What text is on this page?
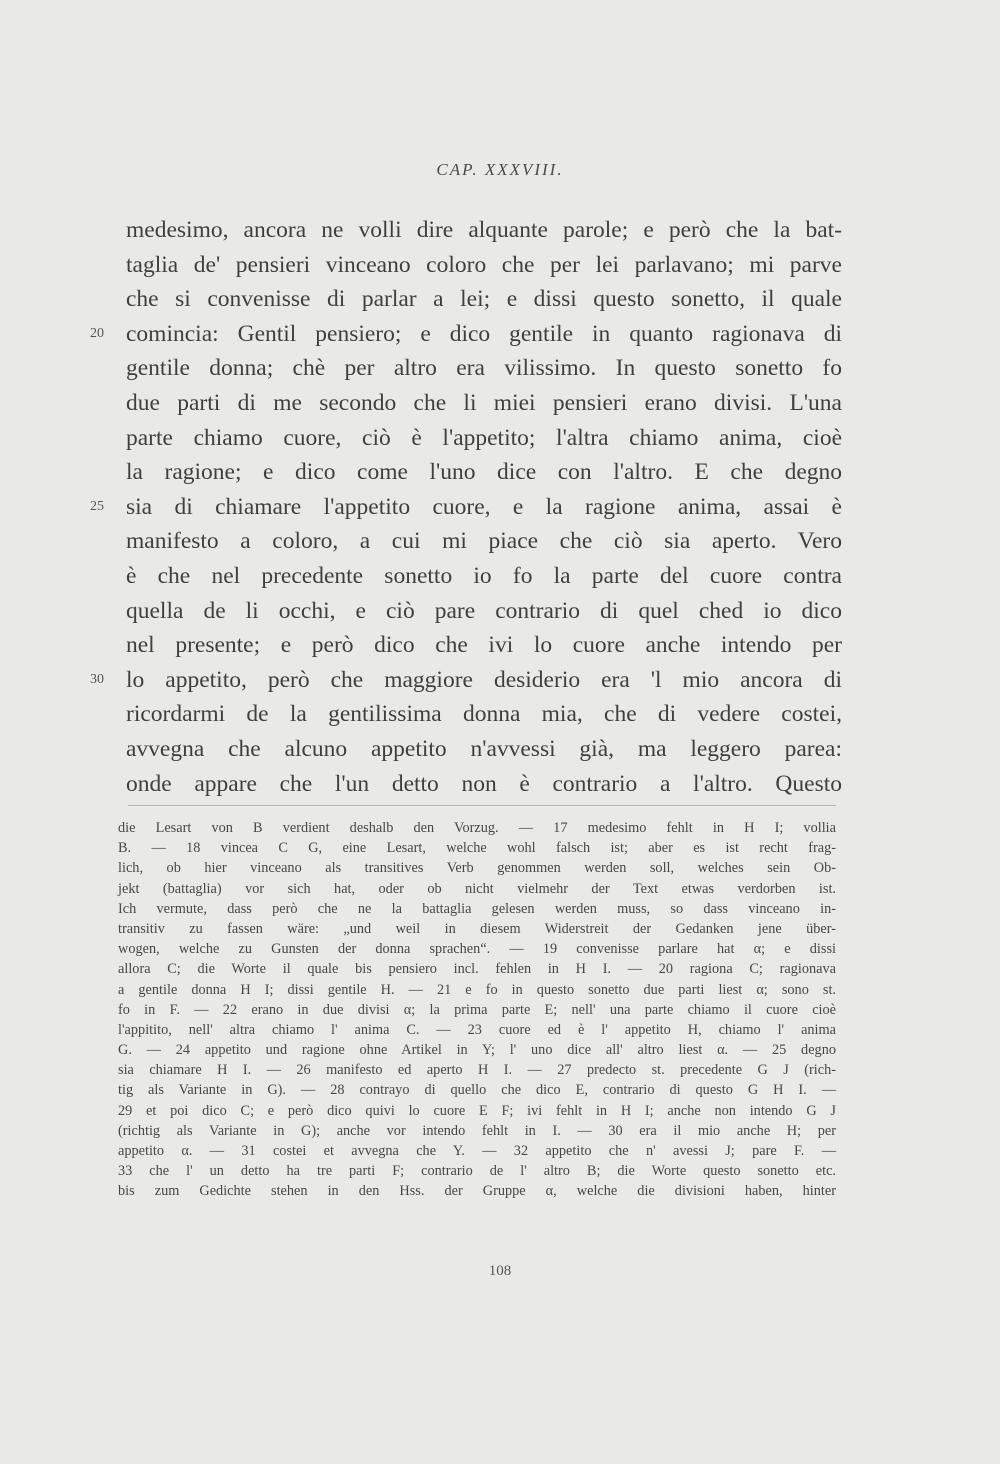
CAP. XXXVIII.
medesimo, ancora ne volli dire alquante parole; e però che la bat-
taglia de' pensieri vinceano coloro che per lei parlavano; mi parve
che si convenisse di parlar a lei; e dissi questo sonetto, il quale
20 comincia: Gentil pensiero; e dico gentile in quanto ragionava di
gentile donna; chè per altro era vilissimo. In questo sonetto fo
due parti di me secondo che li miei pensieri erano divisi. L'una
parte chiamo cuore, ciò è l'appetito; l'altra chiamo anima, cioè
la ragione; e dico come l'uno dice con l'altro. E che degno
25 sia di chiamare l'appetito cuore, e la ragione anima, assai è
manifesto a coloro, a cui mi piace che ciò sia aperto. Vero
è che nel precedente sonetto io fo la parte del cuore contra
quella de li occhi, e ciò pare contrario di quel ched io dico
nel presente; e però dico che ivi lo cuore anche intendo per
30 lo appetito, però che maggiore desiderio era 'l mio ancora di
ricordarmi de la gentilissima donna mia, che di vedere costei,
avvegna che alcuno appetito n'avvessi già, ma leggero parea:
onde appare che l'un detto non è contrario a l'altro. Questo
die Lesart von B verdient deshalb den Vorzug. — 17 medesimo fehlt in H I; vollia
B. — 18 vincea C G, eine Lesart, welche wohl falsch ist; aber es ist recht frag-
lich, ob hier vinceano als transitives Verb genommen werden soll, welches sein Ob-
jekt (battaglia) vor sich hat, oder ob nicht vielmehr der Text etwas verdorben ist.
Ich vermute, dass però che ne la battaglia gelesen werden muss, so dass vinceano in-
transitiv zu fassen wäre: „und weil in diesem Widerstreit der Gedanken jene über-
wogen, welche zu Gunsten der donna sprachen“. — 19 convenisse parlare hat α; e dissi
allora C; die Worte il quale bis pensiero incl. fehlen in H I. — 20 ragiona C; ragionava
a gentile donna H I; dissi gentile H. — 21 e fo in questo sonetto due parti liest α; sono st.
fo in F. — 22 erano in due divisi α; la prima parte E; nell' una parte chiamo il cuore cioè
l'appitito, nell' altra chiamo l' anima C. — 23 cuore ed è l' appetito H, chiamo l' anima
G. — 24 appetito und ragione ohne Artikel in Y; l' uno dice all' altro liest α. — 25 degno
sia chiamare H I. — 26 manifesto ed aperto H I. — 27 predecto st. precedente G J (rich-
tig als Variante in G). — 28 contrayo di quello che dico E, contrario di questo G H I. —
29 et poi dico C; e però dico quivi lo cuore E F; ivi fehlt in H I; anche non intendo G J
(richtig als Variante in G); anche vor intendo fehlt in I. — 30 era il mio anche H; per
appetito α. — 31 costei et avvegna che Y. — 32 appetito che n' avessi J; pare F. —
33 che l' un detto ha tre parti F; contrario de l' altro B; die Worte questo sonetto etc.
bis zum Gedichte stehen in den Hss. der Gruppe α, welche die divisioni haben, hinter
108
